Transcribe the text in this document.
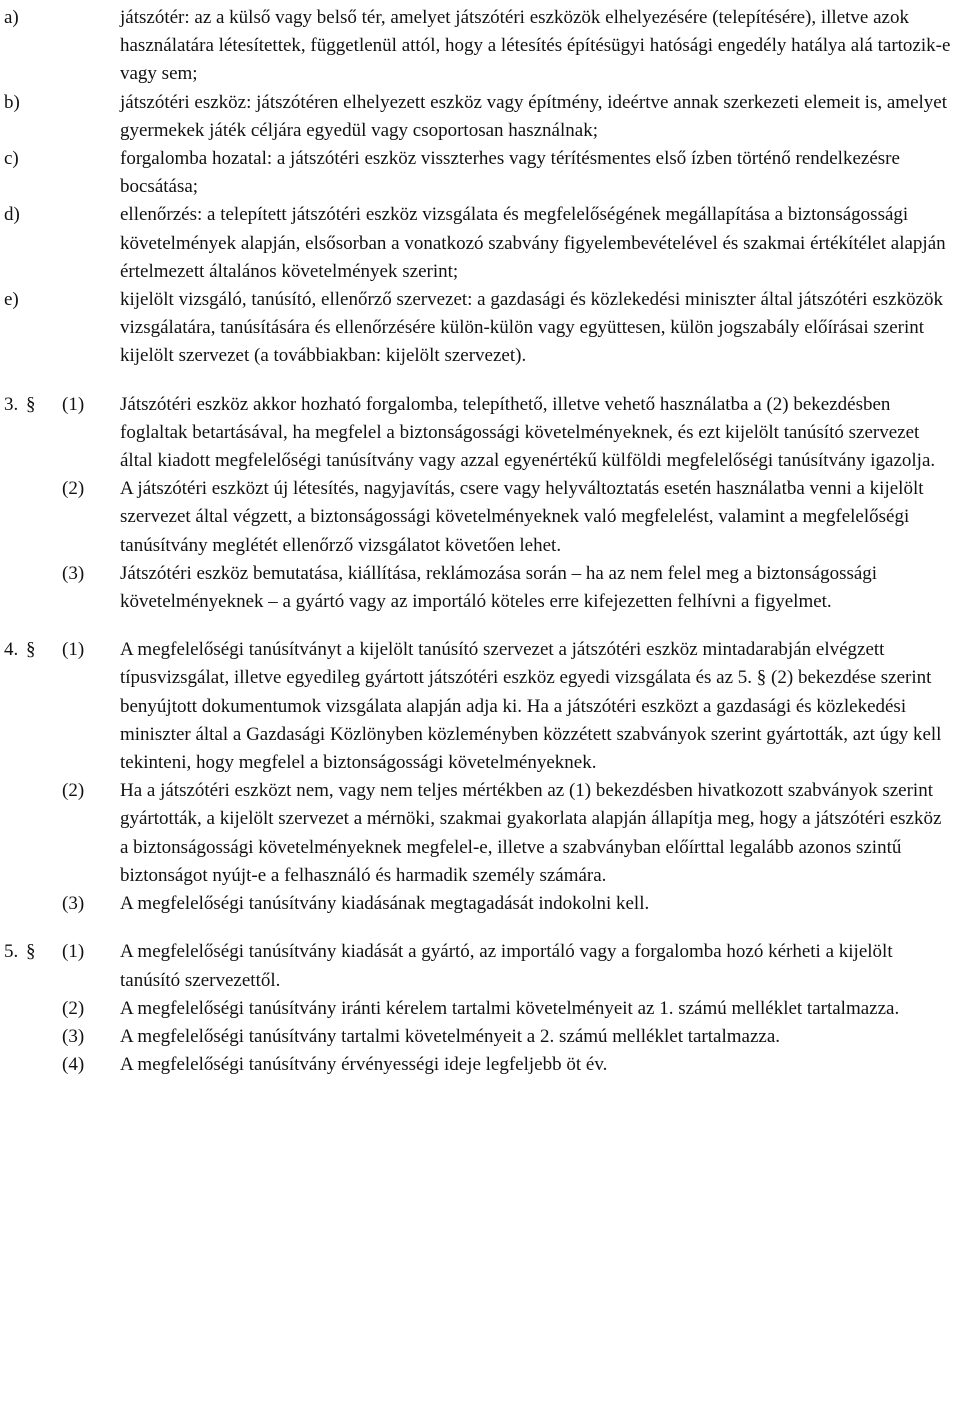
a)	játszótér: az a külső vagy belső tér, amelyet játszótéri eszközök elhelyezésére (telepítésére), illetve azok használatára létesítettek, függetlenül attól, hogy a létesítés építésügyi hatósági engedély hatálya alá tartozik-e vagy sem;
b)	játszótéri eszköz: játszótéren elhelyezett eszköz vagy építmény, ideértve annak szerkezeti elemeit is, amelyet gyermekek játék céljára egyedül vagy csoportosan használnak;
c)	forgalomba hozatal: a játszótéri eszköz visszterhes vagy térítésmentes első ízben történő rendelkezésre bocsátása;
d)	ellenőrzés: a telepített játszótéri eszköz vizsgálata és megfelelőségének megállapítása a biztonságossági követelmények alapján, elsősorban a vonatkozó szabvány figyelembevételével és szakmai értékítélet alapján értelmezett általános követelmények szerint;
e)	kijelölt vizsgáló, tanúsító, ellenőrző szervezet: a gazdasági és közlekedési miniszter által játszótéri eszközök vizsgálatára, tanúsítására és ellenőrzésére külön-külön vagy együttesen, külön jogszabály előírásai szerint kijelölt szervezet (a továbbiakban: kijelölt szervezet).
3. § (1) Játszótéri eszköz akkor hozható forgalomba, telepíthető, illetve vehető használatba a (2) bekezdésben foglaltak betartásával, ha megfelel a biztonságossági követelményeknek, és ezt kijelölt tanúsító szervezet által kiadott megfelelőségi tanúsítvány vagy azzal egyenértékű külföldi megfelelőségi tanúsítvány igazolja.
(2) A játszótéri eszközt új létesítés, nagyjavítás, csere vagy helyváltoztatás esetén használatba venni a kijelölt szervezet által végzett, a biztonságossági követelményeknek való megfelelést, valamint a megfelelőségi tanúsítvány meglétét ellenőrző vizsgálatot követően lehet.
(3) Játszótéri eszköz bemutatása, kiállítása, reklámozása során – ha az nem felel meg a biztonságossági követelményeknek – a gyártó vagy az importáló köteles erre kifejezetten felhívni a figyelmet.
4. § (1) A megfelelőségi tanúsítványt a kijelölt tanúsító szervezet a játszótéri eszköz mintadarabján elvégzett típusvizsgálat, illetve egyedileg gyártott játszótéri eszköz egyedi vizsgálata és az 5. § (2) bekezdése szerint benyújtott dokumentumok vizsgálata alapján adja ki. Ha a játszótéri eszközt a gazdasági és közlekedési miniszter által a Gazdasági Közlönyben közleményben közzétett szabványok szerint gyártották, azt úgy kell tekinteni, hogy megfelel a biztonságossági követelményeknek.
(2) Ha a játszótéri eszközt nem, vagy nem teljes mértékben az (1) bekezdésben hivatkozott szabványok szerint gyártották, a kijelölt szervezet a mérnöki, szakmai gyakorlata alapján állapítja meg, hogy a játszótéri eszköz a biztonságossági követelményeknek megfelel-e, illetve a szabványban előírttal legalább azonos szintű biztonságot nyújt-e a felhasználó és harmadik személy számára.
(3) A megfelelőségi tanúsítvány kiadásának megtagadását indokolni kell.
5. § (1) A megfelelőségi tanúsítvány kiadását a gyártó, az importáló vagy a forgalomba hozó kérheti a kijelölt tanúsító szervezettől.
(2) A megfelelőségi tanúsítvány iránti kérelem tartalmi követelményeit az 1. számú melléklet tartalmazza.
(3) A megfelelőségi tanúsítvány tartalmi követelményeit a 2. számú melléklet tartalmazza.
(4) A megfelelőségi tanúsítvány érvényességi ideje legfeljebb öt év.
